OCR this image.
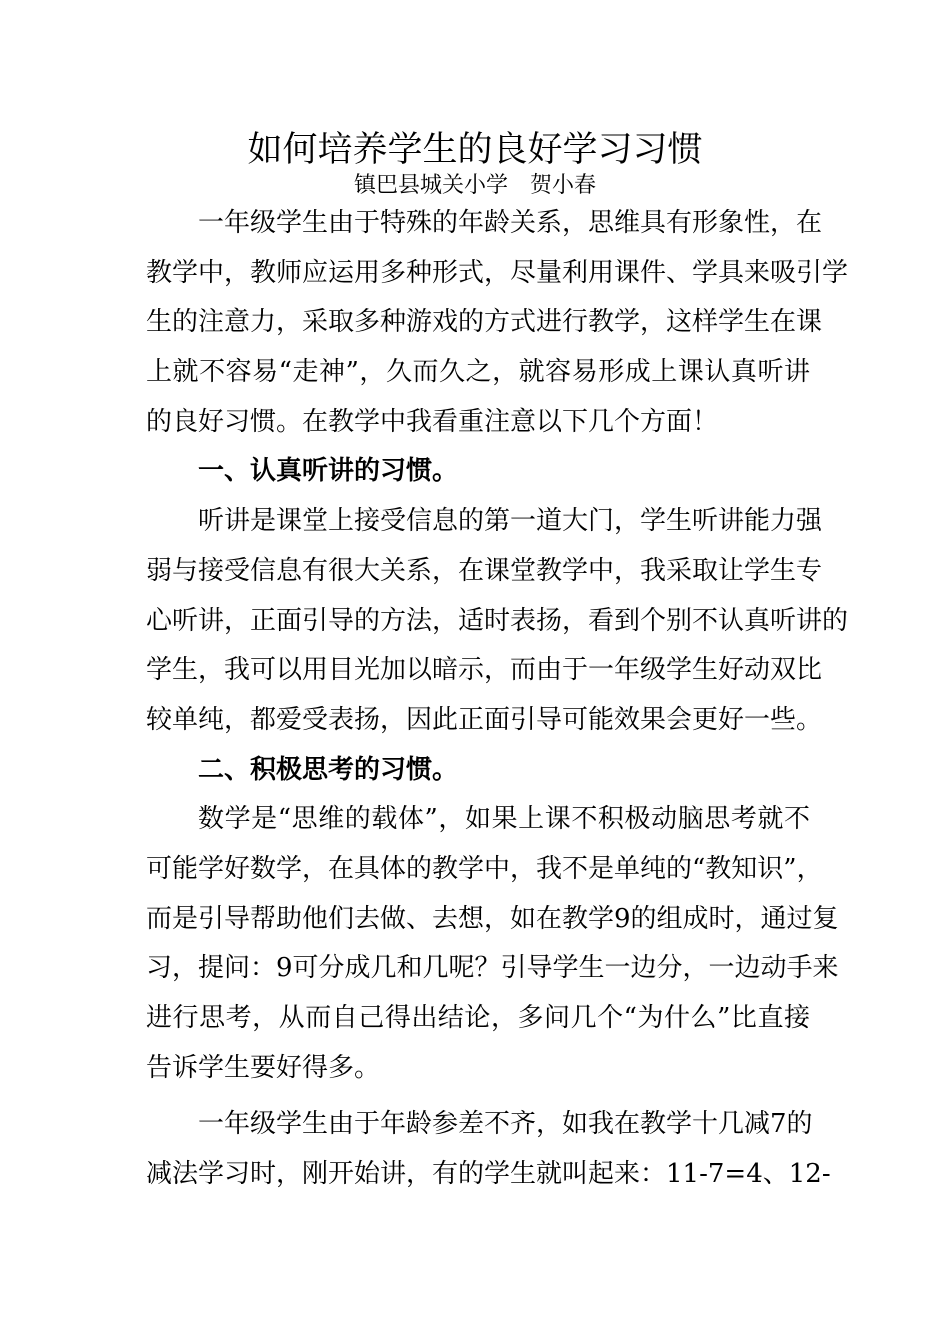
如何培养学生的良好学习习惯
镇巴县城关小学　贺小春
一年级学生由于特殊的年龄关系，思维具有形象性，在
教学中，教师应运用多种形式，尽量利用课件、学具来吸引学
生的注意力，采取多种游戏的方式进行教学，这样学生在课
上就不容易“走神”，久而久之，就容易形成上课认真听讲
的良好习惯。在教学中我看重注意以下几个方面！
一、认真听讲的习惯。
听讲是课堂上接受信息的第一道大门，学生听讲能力强
弱与接受信息有很大关系，在课堂教学中，我采取让学生专
心听讲，正面引导的方法，适时表扬，看到个别不认真听讲的
学生，我可以用目光加以暗示，而由于一年级学生好动双比
较单纯，都爱受表扬，因此正面引导可能效果会更好一些。
二、积极思考的习惯。
数学是“思维的载体”，如果上课不积极动脑思考就不
可能学好数学，在具体的教学中，我不是单纯的“教知识”，
而是引导帮助他们去做、去想，如在教学9的组成时，通过复
习，提问：9可分成几和几呢？引导学生一边分，一边动手来
进行思考，从而自己得出结论，多问几个“为什么”比直接
告诉学生要好得多。
一年级学生由于年龄参差不齐，如我在教学十几减7的
减法学习时，刚开始讲，有的学生就叫起来：11-7=4、12-
